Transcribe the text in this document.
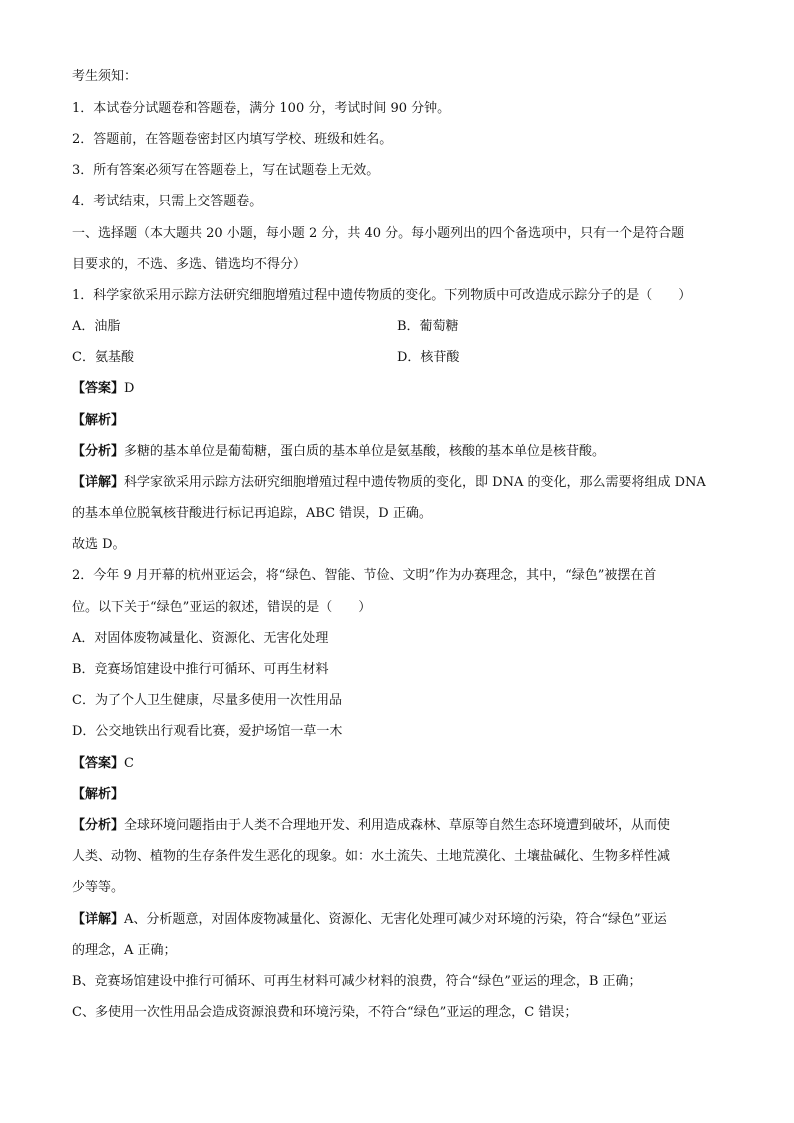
考生须知：
1．本试卷分试题卷和答题卷，满分 100 分，考试时间 90 分钟。
2．答题前，在答题卷密封区内填写学校、班级和姓名。
3．所有答案必须写在答题卷上，写在试题卷上无效。
4．考试结束，只需上交答题卷。
一、选择题（本大题共 20 小题，每小题 2 分，共 40 分。每小题列出的四个备选项中，只有一个是符合题
目要求的，不选、多选、错选均不得分）
1．科学家欲采用示踪方法研究细胞增殖过程中遗传物质的变化。下列物质中可改造成示踪分子的是（　　）
A．油脂	B．葡萄糖
C．氨基酸	D．核苷酸
【答案】D
【解析】
【分析】多糖的基本单位是葡萄糖，蛋白质的基本单位是氨基酸，核酸的基本单位是核苷酸。
【详解】科学家欲采用示踪方法研究细胞增殖过程中遗传物质的变化，即 DNA 的变化，那么需要将组成 DNA
的基本单位脱氧核苷酸进行标记再追踪，ABC 错误，D 正确。
故选 D。
2．今年 9 月开幕的杭州亚运会，将“绿色、智能、节俭、文明”作为办赛理念，其中，“绿色”被摆在首
位。以下关于“绿色”亚运的叙述，错误的是（　　）
A．对固体废物减量化、资源化、无害化处理
B．竞赛场馆建设中推行可循环、可再生材料
C．为了个人卫生健康，尽量多使用一次性用品
D．公交地铁出行观看比赛，爱护场馆一草一木
【答案】C
【解析】
【分析】全球环境问题指由于人类不合理地开发、利用造成森林、草原等自然生态环境遭到破坏，从而使
人类、动物、植物的生存条件发生恶化的现象。如：水土流失、土地荒漠化、土壤盐碱化、生物多样性减
少等等。
【详解】A、分析题意，对固体废物减量化、资源化、无害化处理可减少对环境的污染，符合“绿色”亚运
的理念，A 正确；
B、竞赛场馆建设中推行可循环、可再生材料可减少材料的浪费，符合“绿色”亚运的理念，B 正确；
C、多使用一次性用品会造成资源浪费和环境污染，不符合“绿色”亚运的理念，C 错误；
